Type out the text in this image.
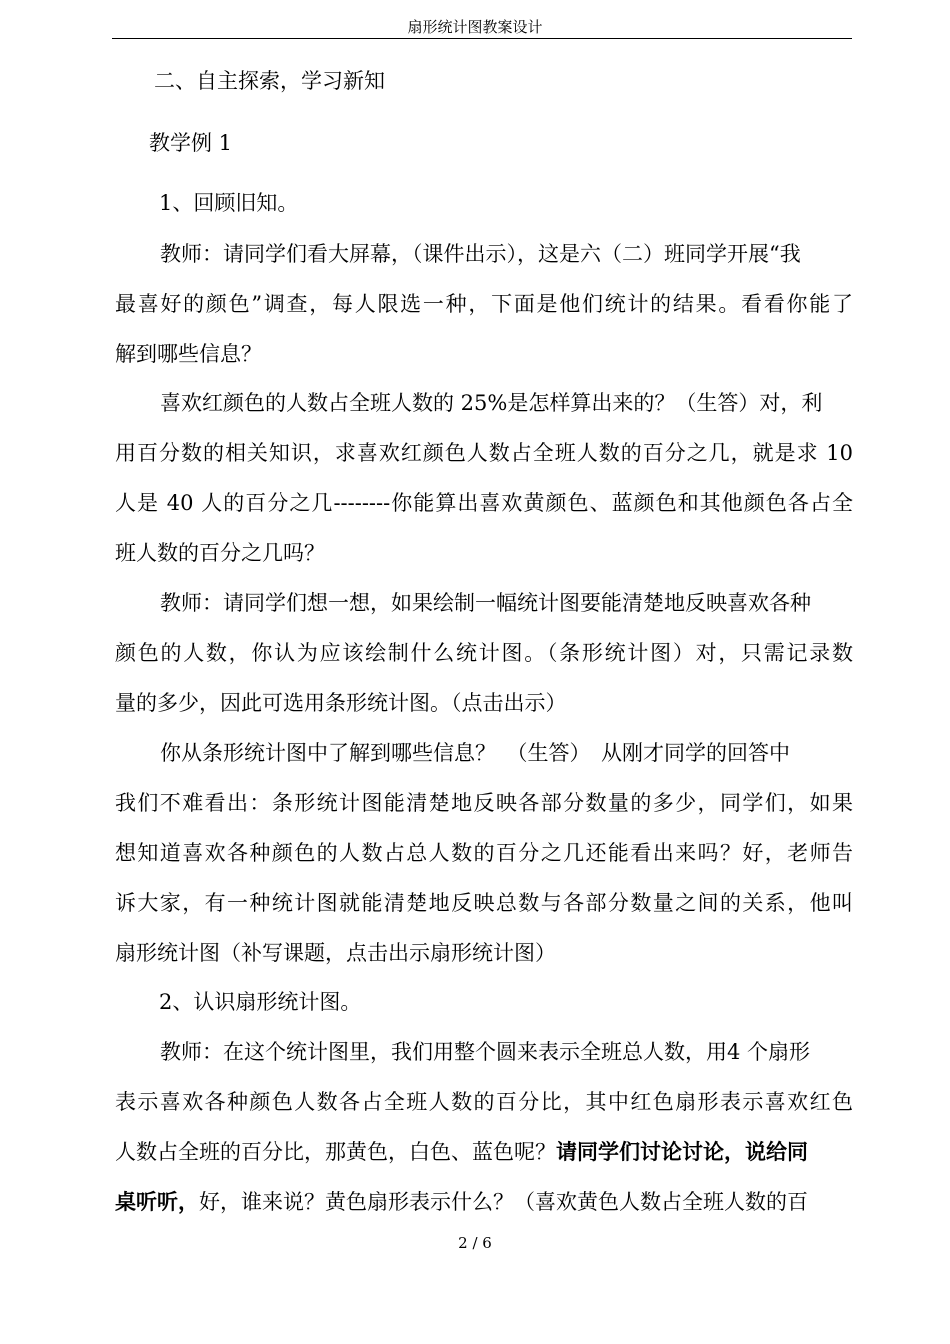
扇形统计图教案设计
二、自主探索，学习新知
教学例 1
1、回顾旧知。
教师：请同学们看大屏幕，（课件出示），这是六（二）班同学开展“我
最喜好的颜色”调查，每人限选一种，下面是他们统计的结果。看看你能了
解到哪些信息？
喜欢红颜色的人数占全班人数的 25%是怎样算出来的？（生答）对，利
用百分数的相关知识，求喜欢红颜色人数占全班人数的百分之几，就是求 10
人是 40 人的百分之几--------你能算出喜欢黄颜色、蓝颜色和其他颜色各占全
班人数的百分之几吗？
教师：请同学们想一想，如果绘制一幅统计图要能清楚地反映喜欢各种
颜色的人数，你认为应该绘制什么统计图。（条形统计图）对，只需记录数
量的多少，因此可选用条形统计图。（点击出示）
你从条形统计图中了解到哪些信息？　（生答）　从刚才同学的回答中
我们不难看出：条形统计图能清楚地反映各部分数量的多少，同学们，如果
想知道喜欢各种颜色的人数占总人数的百分之几还能看出来吗？好，老师告
诉大家，有一种统计图就能清楚地反映总数与各部分数量之间的关系，他叫
扇形统计图（补写课题，点击出示扇形统计图）
2、认识扇形统计图。
教师：在这个统计图里，我们用整个圆来表示全班总人数，用4 个扇形
表示喜欢各种颜色人数各占全班人数的百分比，其中红色扇形表示喜欢红色
人数占全班的百分比，那黄色，白色、蓝色呢？请同学们讨论讨论，说给同
桌听听，好，谁来说？黄色扇形表示什么？（喜欢黄色人数占全班人数的百
2 / 6
